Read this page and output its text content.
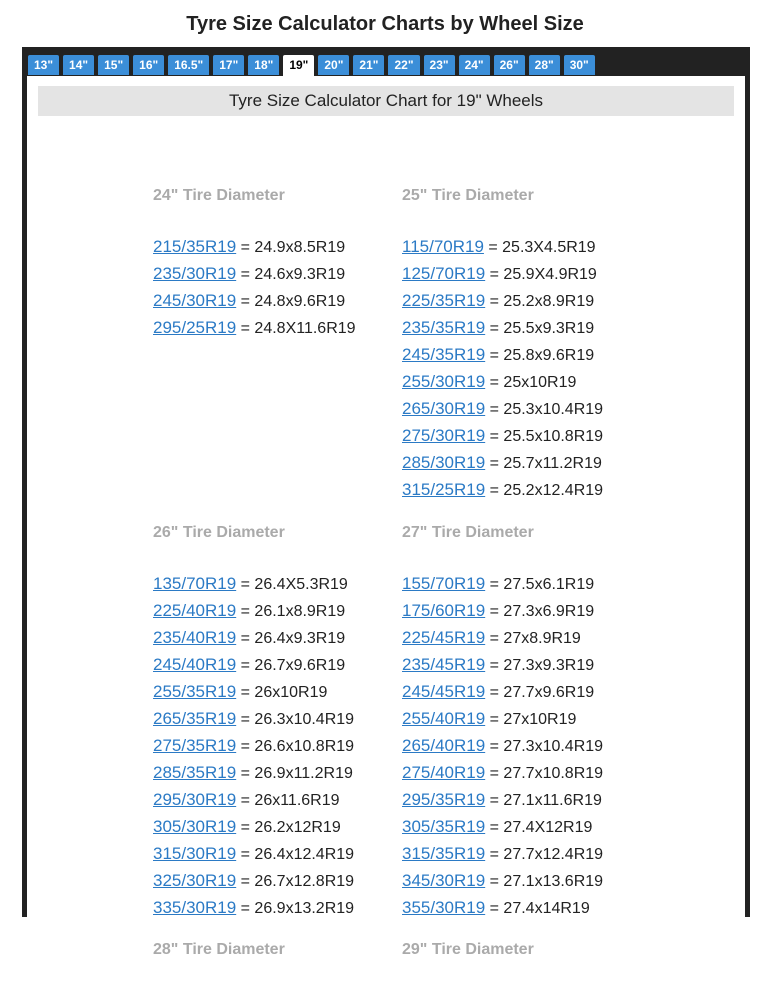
Tyre Size Calculator Charts by Wheel Size
13"	14"	15"	16"	16.5"	17"	18"	19"	20"	21"	22"	23"	24"	26"	28"	30"
Tyre Size Calculator Chart for 19" Wheels
24" Tire Diameter
215/35R19 = 24.9x8.5R19
235/30R19 = 24.6x9.3R19
245/30R19 = 24.8x9.6R19
295/25R19 = 24.8X11.6R19
25" Tire Diameter
115/70R19 = 25.3X4.5R19
125/70R19 = 25.9X4.9R19
225/35R19 = 25.2x8.9R19
235/35R19 = 25.5x9.3R19
245/35R19 = 25.8x9.6R19
255/30R19 = 25x10R19
265/30R19 = 25.3x10.4R19
275/30R19 = 25.5x10.8R19
285/30R19 = 25.7x11.2R19
315/25R19 = 25.2x12.4R19
26" Tire Diameter
135/70R19 = 26.4X5.3R19
225/40R19 = 26.1x8.9R19
235/40R19 = 26.4x9.3R19
245/40R19 = 26.7x9.6R19
255/35R19 = 26x10R19
265/35R19 = 26.3x10.4R19
275/35R19 = 26.6x10.8R19
285/35R19 = 26.9x11.2R19
295/30R19 = 26x11.6R19
305/30R19 = 26.2x12R19
315/30R19 = 26.4x12.4R19
325/30R19 = 26.7x12.8R19
335/30R19 = 26.9x13.2R19
27" Tire Diameter
155/70R19 = 27.5x6.1R19
175/60R19 = 27.3x6.9R19
225/45R19 = 27x8.9R19
235/45R19 = 27.3x9.3R19
245/45R19 = 27.7x9.6R19
255/40R19 = 27x10R19
265/40R19 = 27.3x10.4R19
275/40R19 = 27.7x10.8R19
295/35R19 = 27.1x11.6R19
305/35R19 = 27.4X12R19
315/35R19 = 27.7x12.4R19
345/30R19 = 27.1x13.6R19
355/30R19 = 27.4x14R19
28" Tire Diameter	29" Tire Diameter
